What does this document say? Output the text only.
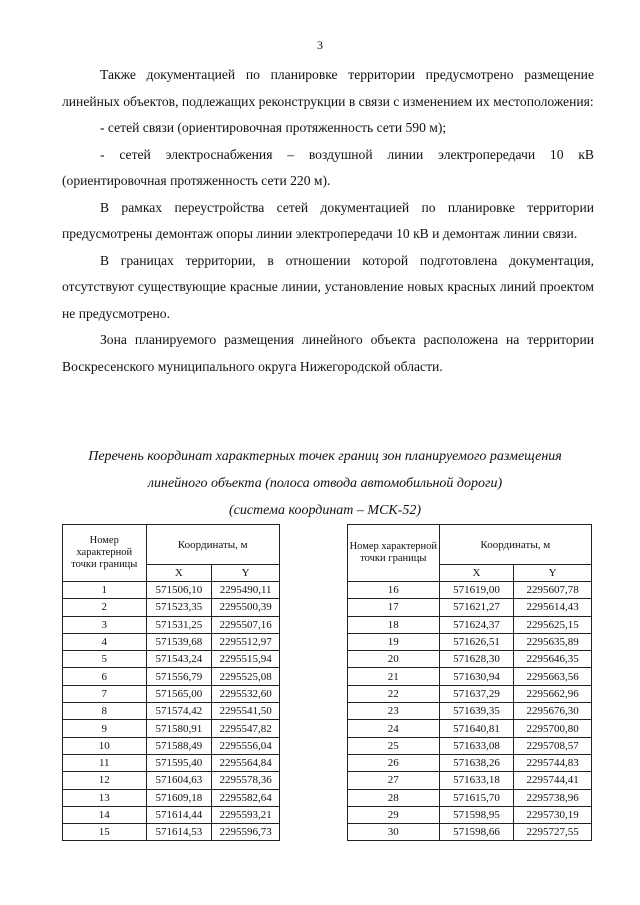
3

Также документацией по планировке территории предусмотрено размещение линейных объектов, подлежащих реконструкции в связи с изменением их местоположения:

- сетей связи (ориентировочная протяженность сети 590 м);

- сетей электроснабжения – воздушной линии электропередачи 10 кВ (ориентировочная протяженность сети 220 м).

В рамках переустройства сетей документацией по планировке территории предусмотрены демонтаж опоры линии электропередачи 10 кВ и демонтаж линии связи.

В границах территории, в отношении которой подготовлена документация, отсутствуют существующие красные линии, установление новых красных линий проектом не предусмотрено.

Зона планируемого размещения линейного объекта расположена на территории Воскресенского муниципального округа Нижегородской области.

Перечень координат характерных точек границ зон планируемого размещения
линейного объекта (полоса отвода автомобильной дороги)
(система координат – МСК-52)
Номер характерной точки границы	Координаты, м	
	X	Y
1	571506,10	2295490,11
2	571523,35	2295500,39
3	571531,25	2295507,16
4	571539,68	2295512,97
5	571543,24	2295515,94
6	571556,79	2295525,08
7	571565,00	2295532,60
8	571574,42	2295541,50
9	571580,91	2295547,82
10	571588,49	2295556,04
11	571595,40	2295564,84
12	571604,63	2295578,36
13	571609,18	2295582,64
14	571614,44	2295593,21
15	571614,53	2295596,73
Номер характерной точки границы	Координаты, м	
	X	Y
16	571619,00	2295607,78
17	571621,27	2295614,43
18	571624,37	2295625,15
19	571626,51	2295635,89
20	571628,30	2295646,35
21	571630,94	2295663,56
22	571637,29	2295662,96
23	571639,35	2295676,30
24	571640,81	2295700,80
25	571633,08	2295708,57
26	571638,26	2295744,83
27	571633,18	2295744,41
28	571615,70	2295738,96
29	571598,95	2295730,19
30	571598,66	2295727,55
